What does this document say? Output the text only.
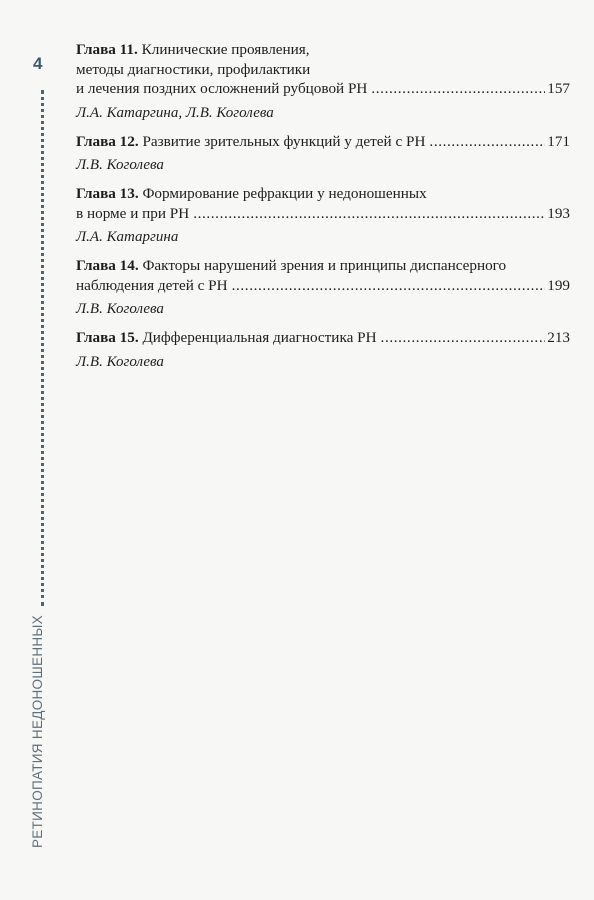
4
РЕТИНОПАТИЯ НЕДОНОШЕННЫХ
Глава 11. Клинические проявления,
методы диагностики, профилактики
и лечения поздних осложнений рубцовой РН .....	157
Л.А. Катаргина, Л.В. Коголева
Глава 12.
Развитие зрительных функций у детей с РН .....	171
Л.В. Коголева
Глава 13. Формирование рефракции у недоношенных
в норме и при РН .....	193
Л.А. Катаргина
Глава 14. Факторы нарушений зрения и принципы диспансерного
наблюдения детей с РН .....	199
Л.В. Коголева
Глава 15.
Дифференциальная диагностика РН .....	213
Л.В. Коголева
